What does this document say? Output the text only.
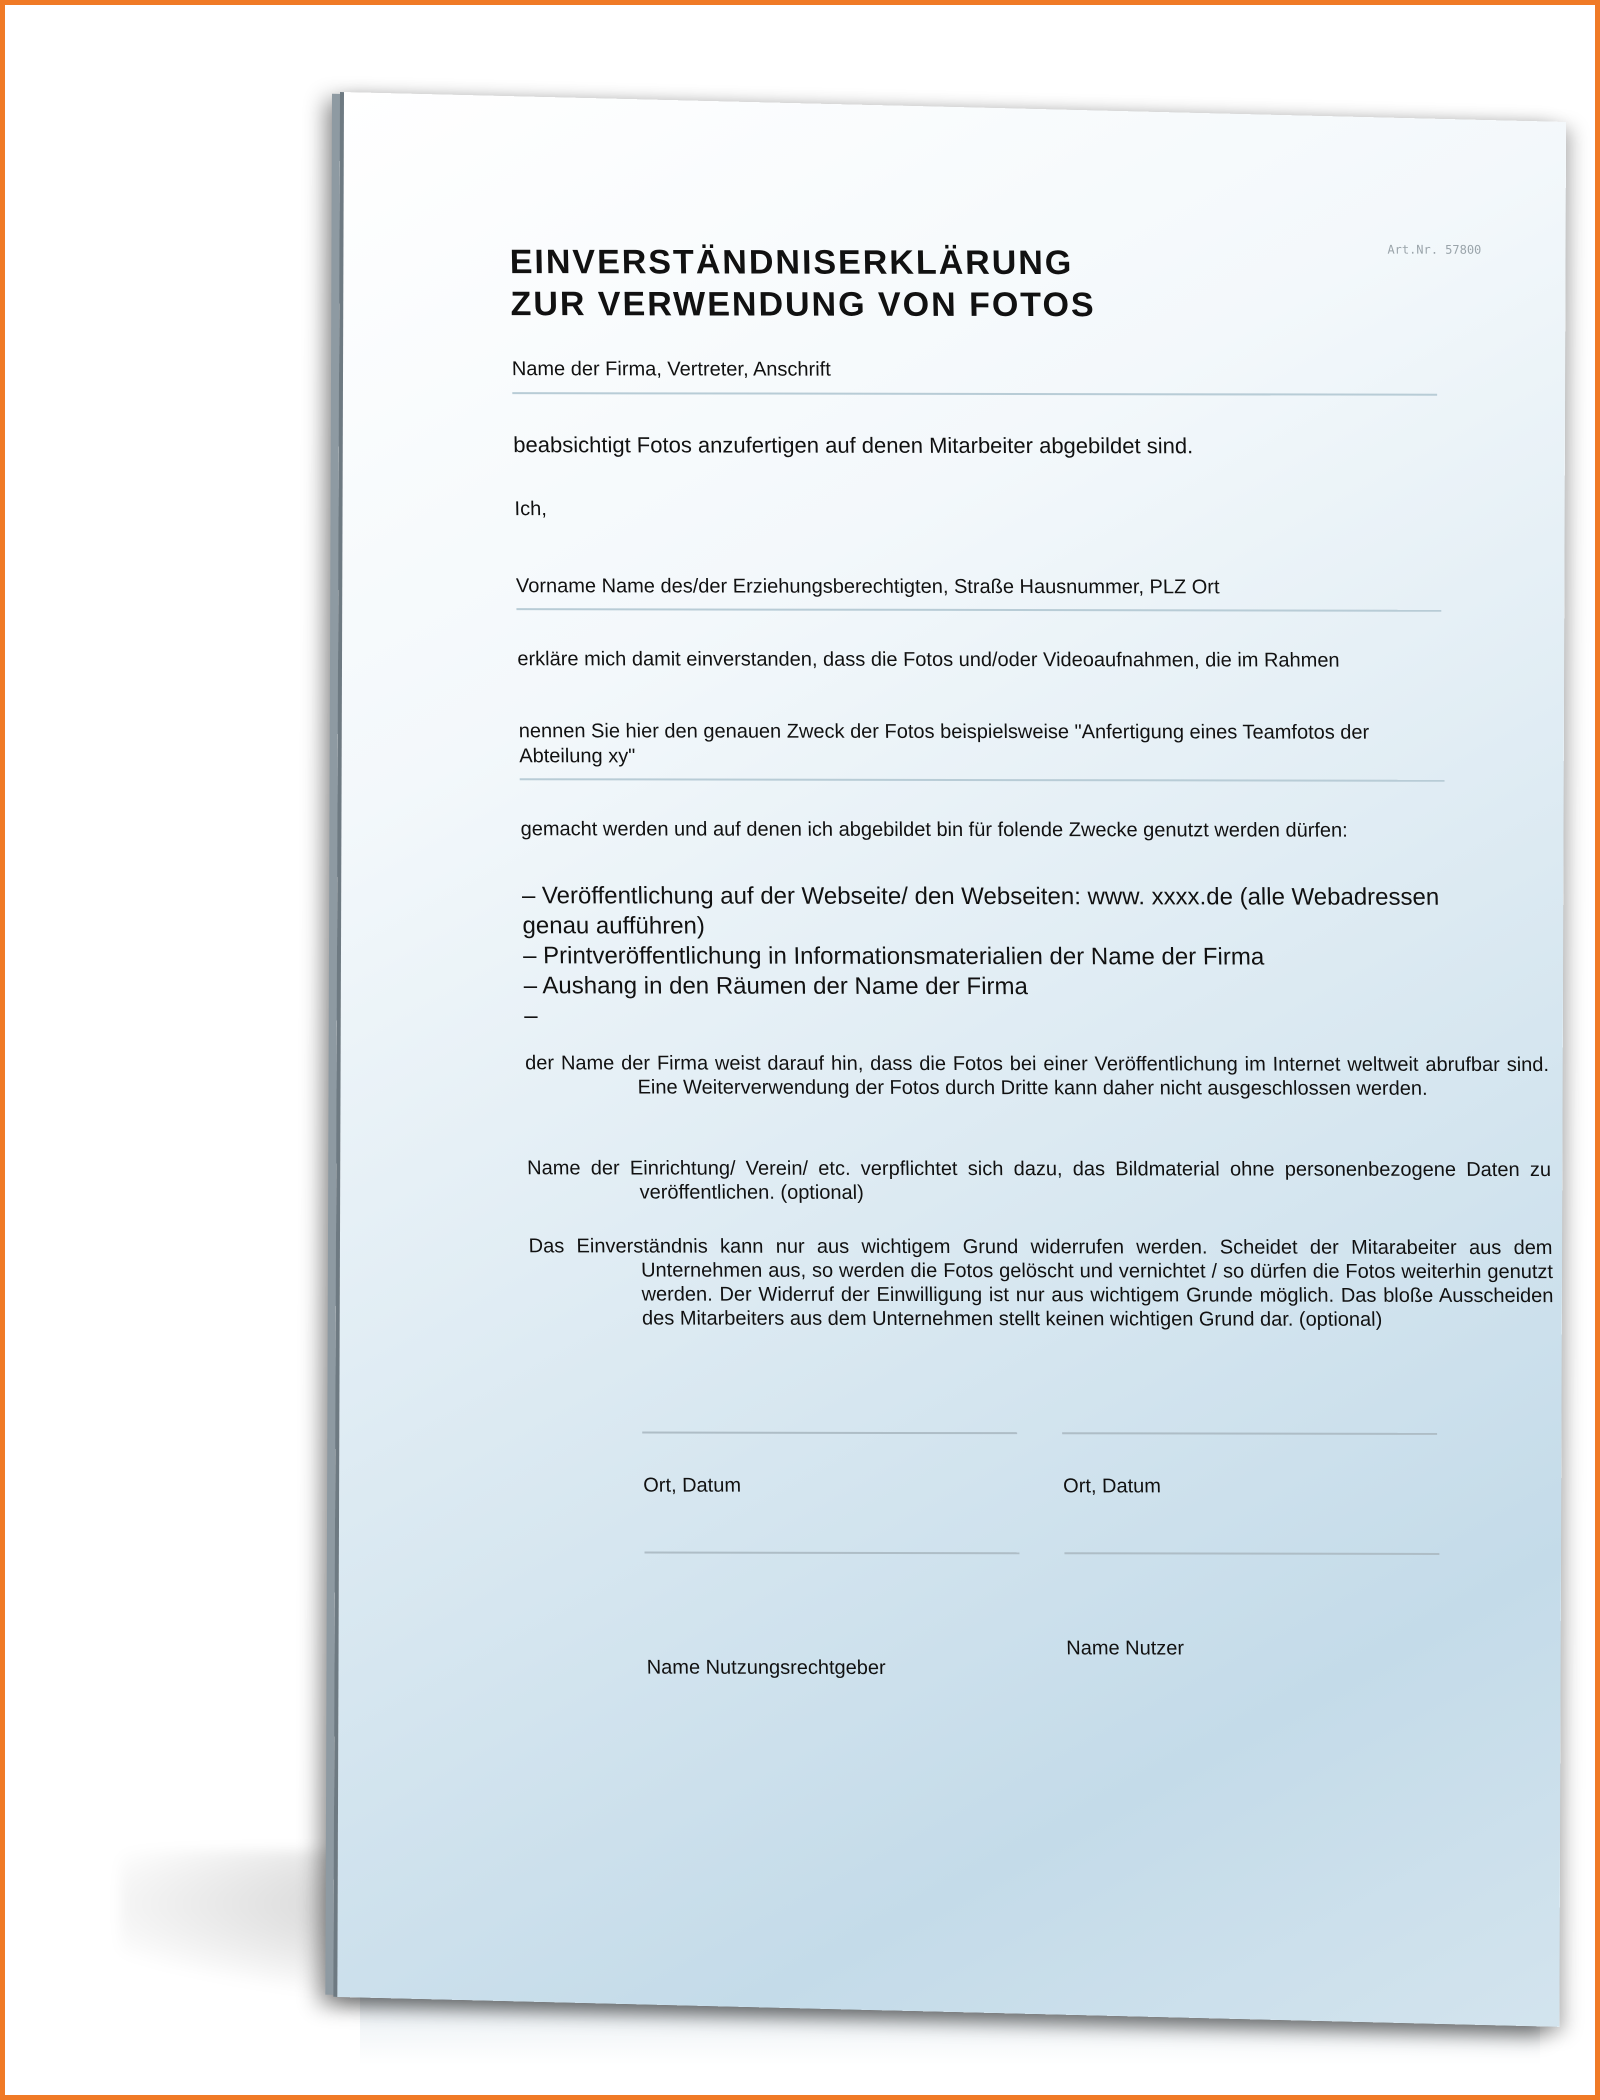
Art.Nr. 57800
EINVERSTÄNDNISERKLÄRUNG
ZUR VERWENDUNG VON FOTOS
Name der Firma, Vertreter, Anschrift
beabsichtigt Fotos anzufertigen auf denen Mitarbeiter abgebildet sind.
Ich,
Vorname Name des/der Erziehungsberechtigten, Straße Hausnummer, PLZ Ort
erkläre mich damit einverstanden, dass die Fotos und/oder Videoaufnahmen, die im Rahmen
nennen Sie hier den genauen Zweck der Fotos beispielsweise "Anfertigung eines Teamfotos der
Abteilung xy"
gemacht werden und auf denen ich abgebildet bin für folende Zwecke genutzt werden dürfen:
– Veröffentlichung auf der Webseite/ den Webseiten: www. xxxx.de (alle Webadressen genau aufführen)
– Printveröffentlichung in Informationsmaterialien der Name der Firma
– Aushang in den Räumen der Name der Firma
–
der Name der Firma weist darauf hin, dass die Fotos bei einer Veröffentlichung im Internet weltweit abrufbar sind. Eine Weiterverwendung der Fotos durch Dritte kann daher nicht ausgeschlossen werden.
Name der Einrichtung/ Verein/ etc. verpflichtet sich dazu, das Bildmaterial ohne personenbezogene Daten zu veröffentlichen. (optional)
Das Einverständnis kann nur aus wichtigem Grund widerrufen werden. Scheidet der Mitarabeiter aus dem Unternehmen aus, so werden die Fotos gelöscht und vernichtet / so dürfen die Fotos weiterhin genutzt werden. Der Widerruf der Einwilligung ist nur aus wichtigem Grunde möglich. Das bloße Ausscheiden des Mitarbeiters aus dem Unternehmen stellt keinen wichtigen Grund dar. (optional)
Ort, Datum	Ort, Datum
Name Nutzungsrechtgeber
Name Nutzer
